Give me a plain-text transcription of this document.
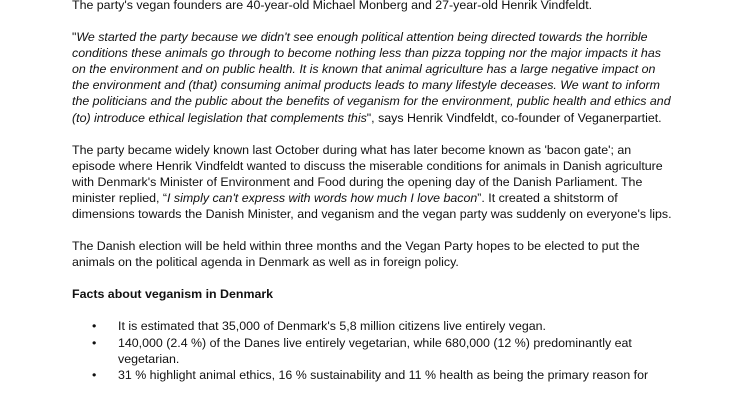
The party's vegan founders are 40-year-old Michael Monberg and 27-year-old Henrik Vindfeldt.

"We started the party because we didn't see enough political attention being directed towards the horrible conditions these animals go through to become nothing less than pizza topping nor the major impacts it has on the environment and on public health. It is known that animal agriculture has a large negative impact on the environment and (that) consuming animal products leads to many lifestyle deceases. We want to inform the politicians and the public about the benefits of veganism for the environment, public health and ethics and (to) introduce ethical legislation that complements this", says Henrik Vindfeldt, co-founder of Veganerpartiet.

The party became widely known last October during what has later become known as 'bacon gate'; an episode where Henrik Vindfeldt wanted to discuss the miserable conditions for animals in Danish agriculture with Denmark's Minister of Environment and Food during the opening day of the Danish Parliament. The minister replied, “I simply can't express with words how much I love bacon”. It created a shitstorm of dimensions towards the Danish Minister, and veganism and the vegan party was suddenly on everyone's lips.

The Danish election will be held within three months and the Vegan Party hopes to be elected to put the animals on the political agenda in Denmark as well as in foreign policy.

Facts about veganism in Denmark

• It is estimated that 35,000 of Denmark's 5,8 million citizens live entirely vegan.
• 140,000 (2.4 %) of the Danes live entirely vegetarian, while 680,000 (12 %) predominantly eat vegetarian.
• 31 % highlight animal ethics, 16 % sustainability and 11 % health as being the primary reason for
